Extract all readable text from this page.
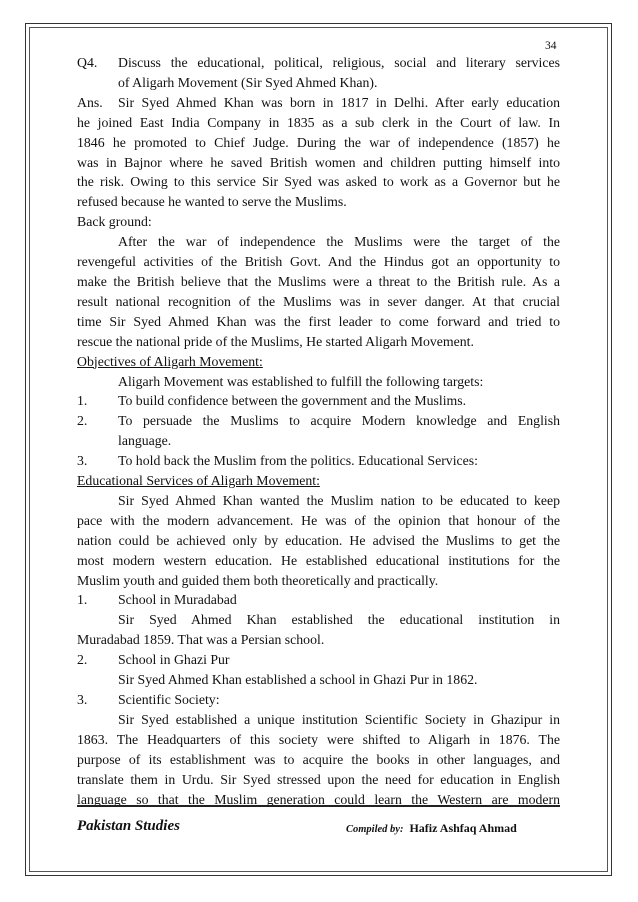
34
Q4.	Discuss the educational, political, religious, social and literary services
of Aligarh Movement (Sir Syed Ahmed Khan).
Ans.	Sir Syed Ahmed Khan was born in 1817 in Delhi. After early education
he joined East India Company in 1835 as a sub clerk in the Court of law. In
1846 he promoted to Chief Judge. During the war of independence (1857) he
was in Bajnor where he saved British women and children putting himself into
the risk. Owing to this service Sir Syed was asked to work as a Governor but he
refused because he wanted to serve the Muslims.
Back ground:
After the war of independence the Muslims were the target of the
revengeful activities of the British Govt. And the Hindus got an opportunity to
make the British believe that the Muslims were a threat to the British rule. As a
result national recognition of the Muslims was in sever danger. At that crucial
time Sir Syed Ahmed Khan was the first leader to come forward and tried to
rescue the national pride of the Muslims, He started Aligarh Movement.
Objectives of Aligarh Movement:
Aligarh Movement was established to fulfill the following targets:
1.	To build confidence between the government and the Muslims.
2.	To persuade the Muslims to acquire Modern knowledge and English
language.
3.	To hold back the Muslim from the politics. Educational Services:
Educational Services of Aligarh Movement:
Sir Syed Ahmed Khan wanted the Muslim nation to be educated to keep
pace with the modern advancement. He was of the opinion that honour of the
nation could be achieved only by education. He advised the Muslims to get the
most modern western education. He established educational institutions for the
Muslim youth and guided them both theoretically and practically.
1.	School in Muradabad
Sir Syed Ahmed Khan established the educational institution in
Muradabad 1859. That was a Persian school.
2.	School in Ghazi Pur
Sir Syed Ahmed Khan established a school in Ghazi Pur in 1862.
3.	Scientific Society:
Sir Syed established a unique institution Scientific Society in Ghazipur in
1863. The Headquarters of this society were shifted to Aligarh in 1876. The
purpose of its establishment was to acquire the books in other languages, and
translate them in Urdu. Sir Syed stressed upon the need for education in English
language so that the Muslim generation could learn the Western are modern
Pakistan Studies	Compiled by: Hafiz Ashfaq Ahmad
